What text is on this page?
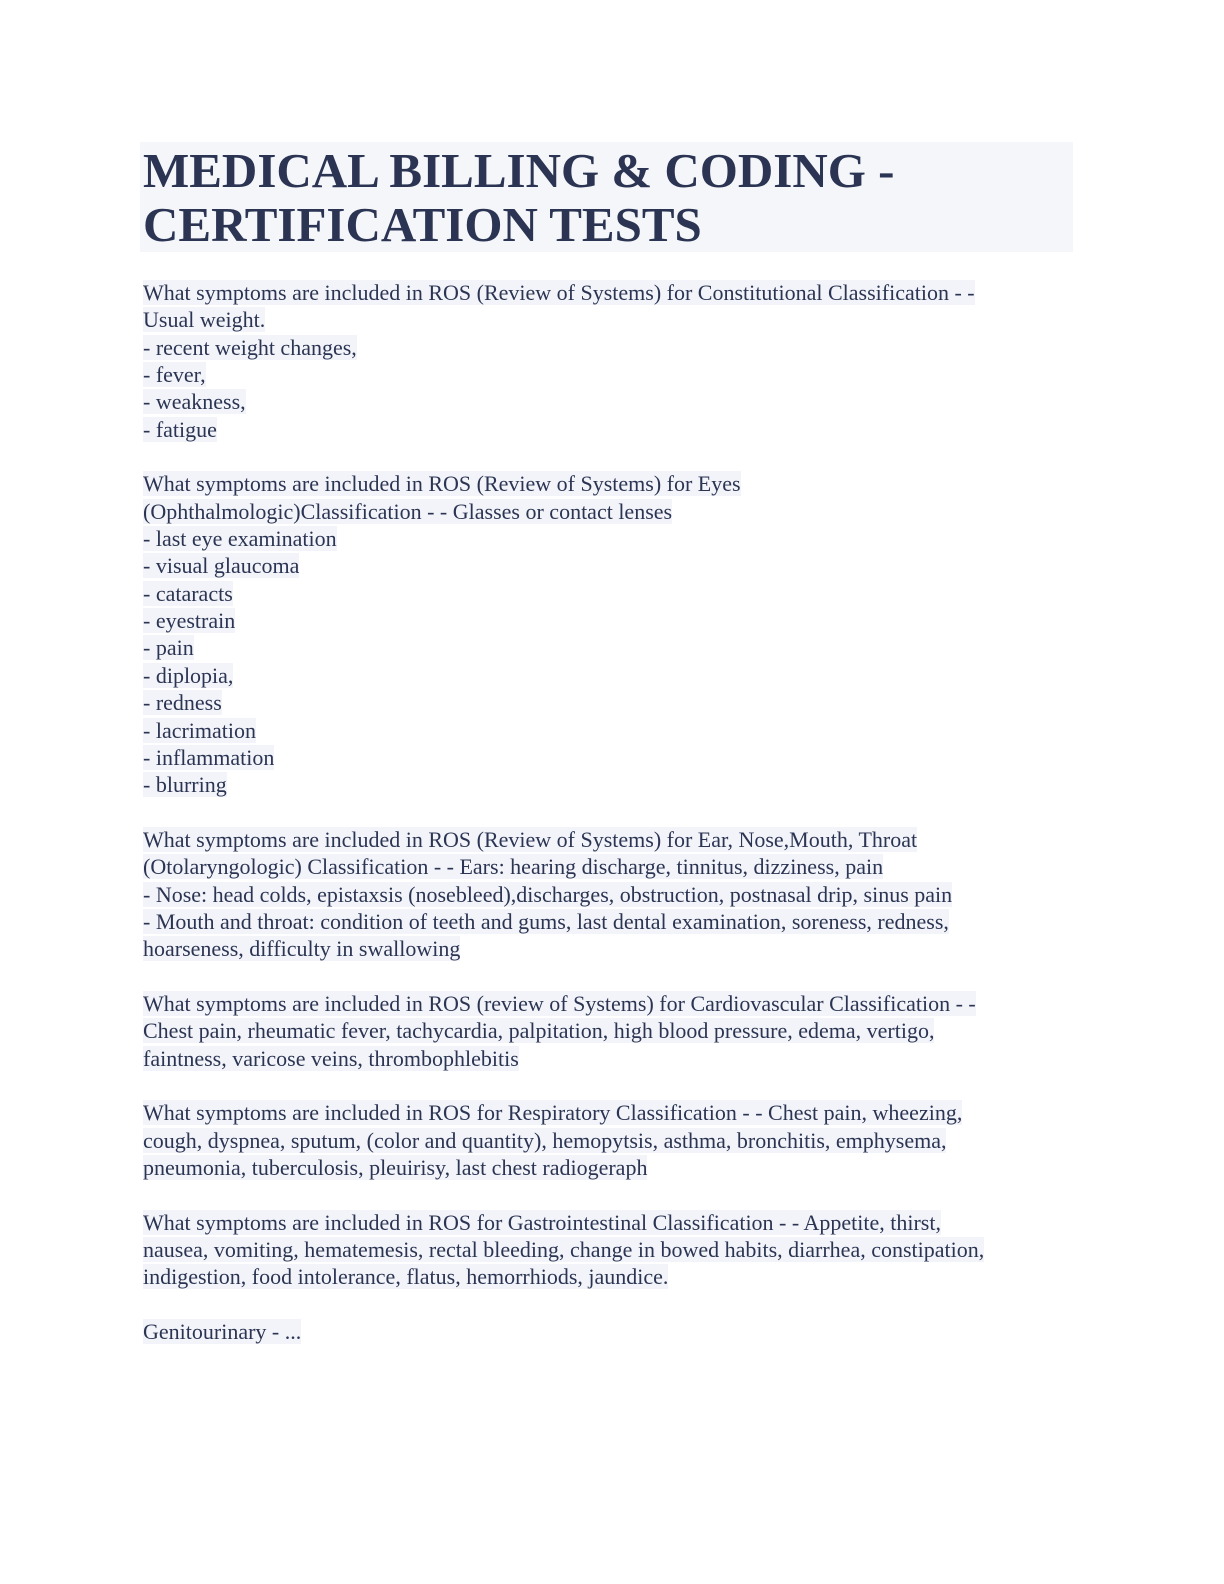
MEDICAL BILLING & CODING -
CERTIFICATION TESTS
What symptoms are included in ROS (Review of Systems) for Constitutional Classification - -
Usual weight.
- recent weight changes,
- fever,
- weakness,
- fatigue
What symptoms are included in ROS (Review of Systems) for Eyes
(Ophthalmologic)Classification - - Glasses or contact lenses
- last eye examination
- visual glaucoma
- cataracts
- eyestrain
- pain
- diplopia,
- redness
- lacrimation
- inflammation
- blurring
What symptoms are included in ROS (Review of Systems) for Ear, Nose,Mouth, Throat
(Otolaryngologic) Classification - - Ears: hearing discharge, tinnitus, dizziness, pain
- Nose: head colds, epistaxsis (nosebleed),discharges, obstruction, postnasal drip, sinus pain
- Mouth and throat: condition of teeth and gums, last dental examination, soreness, redness,
hoarseness, difficulty in swallowing
What symptoms are included in ROS (review of Systems) for Cardiovascular Classification - -
Chest pain, rheumatic fever, tachycardia, palpitation, high blood pressure, edema, vertigo,
faintness, varicose veins, thrombophlebitis
What symptoms are included in ROS for Respiratory Classification - - Chest pain, wheezing,
cough, dyspnea, sputum, (color and quantity), hemopytsis, asthma, bronchitis, emphysema,
pneumonia, tuberculosis, pleuirisy, last chest radiogeraph
What symptoms are included in ROS for Gastrointestinal Classification - - Appetite, thirst,
nausea, vomiting, hematemesis, rectal bleeding, change in bowed habits, diarrhea, constipation,
indigestion, food intolerance, flatus, hemorrhiods, jaundice.
Genitourinary - ...
